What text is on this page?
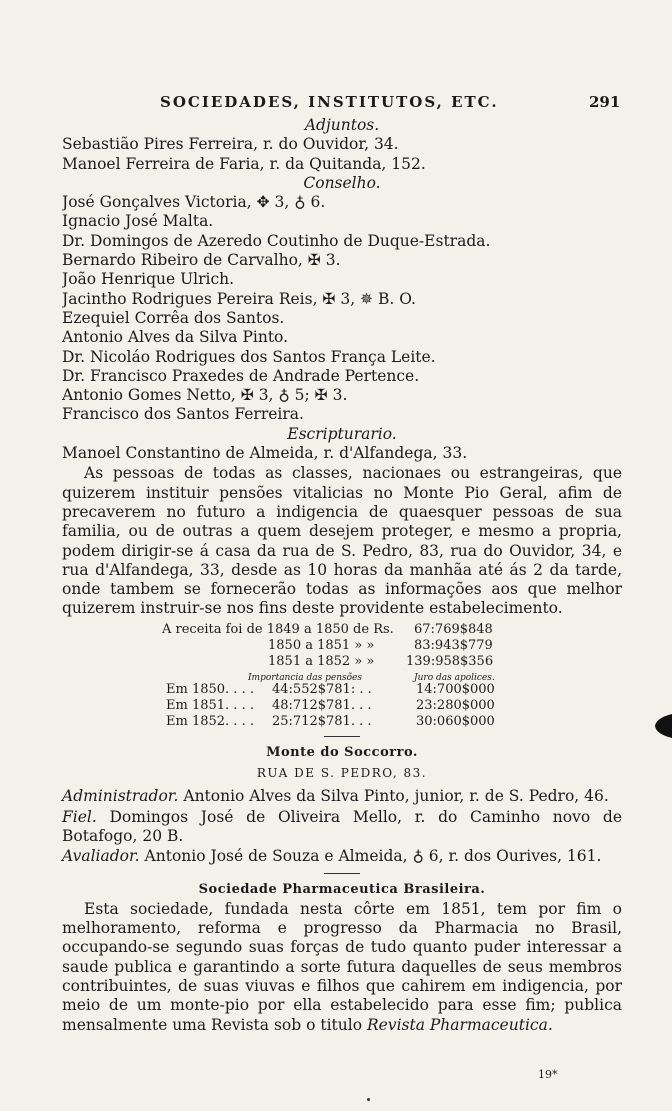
SOCIEDADES, INSTITUTOS, ETC.	291
Adjuntos.
Sebastião Pires Ferreira, r. do Ouvidor, 34.
Manoel Ferreira de Faria, r. da Quitanda, 152.
Conselho.
José Gonçalves Victoria, ✥ 3, ♁ 6.
Ignacio José Malta.
Dr. Domingos de Azeredo Coutinho de Duque-Estrada.
Bernardo Ribeiro de Carvalho, ✠ 3.
João Henrique Ulrich.
Jacintho Rodrigues Pereira Reis, ✠ 3, ✵ B. O.
Ezequiel Corrêa dos Santos.
Antonio Alves da Silva Pinto.
Dr. Nicoláo Rodrigues dos Santos França Leite.
Dr. Francisco Praxedes de Andrade Pertence.
Antonio Gomes Netto, ✠ 3, ♁ 5; ✠ 3.
Francisco dos Santos Ferreira.
Escripturario.
Manoel Constantino de Almeida, r. d'Alfandega, 33.
As pessoas de todas as classes, nacionaes ou estrangeiras, que quizerem instituir pensões vitalicias no Monte Pio Geral, afim de precaverem no futuro a indigencia de quaesquer pessoas de sua familia, ou de outras a quem desejem proteger, e mesmo a propria, podem dirigir-se á casa da rua de S. Pedro, 83, rua do Ouvidor, 34, e rua d'Alfandega, 33, desde as 10 horas da manhãa até ás 2 da tarde, onde tambem se fornecerão todas as informações aos que melhor quizerem instruir-se nos fins deste providente estabelecimento.
A receita foi de 1849 a 1850 de Rs. 67:769$848
1850 a 1851 » »	83:943$779
1851 a 1852 » » 139:958$356
Importancia das pensões	Juro das apolices.
Em 1850. . . . 44:552$781: . .	14:700$000
Em 1851. . . . 48:712$781. . .	23:280$000
Em 1852. . . . 25:712$781. . .	30:060$000
Monte do Soccorro.
RUA DE S. PEDRO, 83.
Administrador. Antonio Alves da Silva Pinto, junior, r. de S. Pedro, 46.
Fiel. Domingos José de Oliveira Mello, r. do Caminho novo de Botafogo, 20 B.
Avaliador. Antonio José de Souza e Almeida, ♁ 6, r. dos Ourives, 161.
Sociedade Pharmaceutica Brasileira.
Esta sociedade, fundada nesta côrte em 1851, tem por fim o melhoramento, reforma e progresso da Pharmacia no Brasil, occupando-se segundo suas forças de tudo quanto puder interessar a saude publica e garantindo a sorte futura daquelles de seus membros contribuintes, de suas viuvas e filhos que cahirem em indigencia, por meio de um monte-pio por ella estabelecido para esse fim; publica mensalmente uma Revista sob o titulo Revista Pharmaceutica.
19*
